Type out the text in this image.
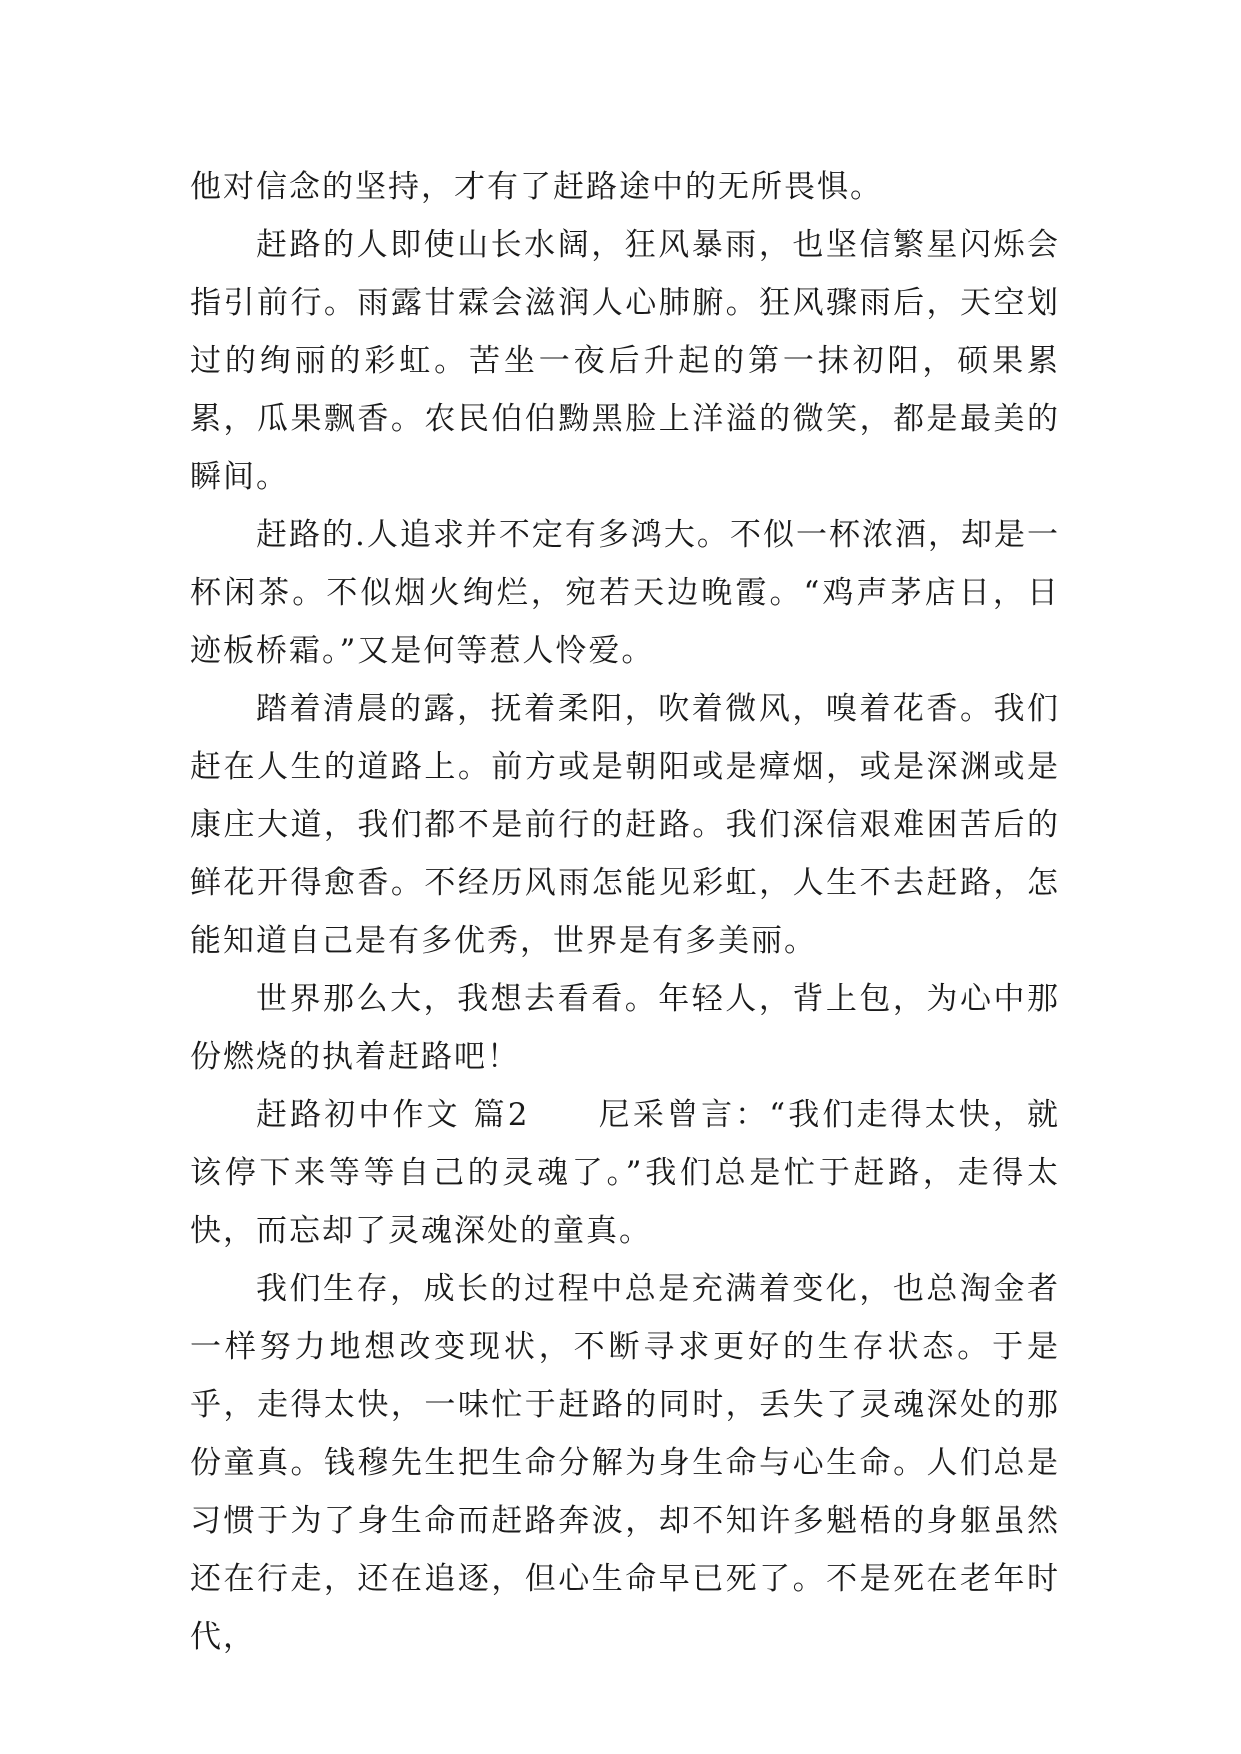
他对信念的坚持，才有了赶路途中的无所畏惧。

赶路的人即使山长水阔，狂风暴雨，也坚信繁星闪烁会指引前行。雨露甘霖会滋润人心肺腑。狂风骤雨后，天空划过的绚丽的彩虹。苦坐一夜后升起的第一抹初阳，硕果累累，瓜果飘香。农民伯伯黝黑脸上洋溢的微笑，都是最美的瞬间。

赶路的.人追求并不定有多鸿大。不似一杯浓酒，却是一杯闲茶。不似烟火绚烂，宛若天边晚霞。“鸡声茅店日，日迹板桥霜。”又是何等惹人怜爱。

踏着清晨的露，抚着柔阳，吹着微风，嗅着花香。我们赶在人生的道路上。前方或是朝阳或是瘴烟，或是深渊或是康庄大道，我们都不是前行的赶路。我们深信艰难困苦后的鲜花开得愈香。不经历风雨怎能见彩虹，人生不去赶路，怎能知道自己是有多优秀，世界是有多美丽。

世界那么大，我想去看看。年轻人，背上包，为心中那份燃烧的执着赶路吧！

赶路初中作文 篇2　　尼采曾言：“我们走得太快，就该停下来等等自己的灵魂了。”我们总是忙于赶路，走得太快，而忘却了灵魂深处的童真。

我们生存，成长的过程中总是充满着变化，也总淘金者一样努力地想改变现状，不断寻求更好的生存状态。于是乎，走得太快，一味忙于赶路的同时，丢失了灵魂深处的那份童真。钱穆先生把生命分解为身生命与心生命。人们总是习惯于为了身生命而赶路奔波，却不知许多魁梧的身躯虽然还在行走，还在追逐，但心生命早已死了。不是死在老年时代，
